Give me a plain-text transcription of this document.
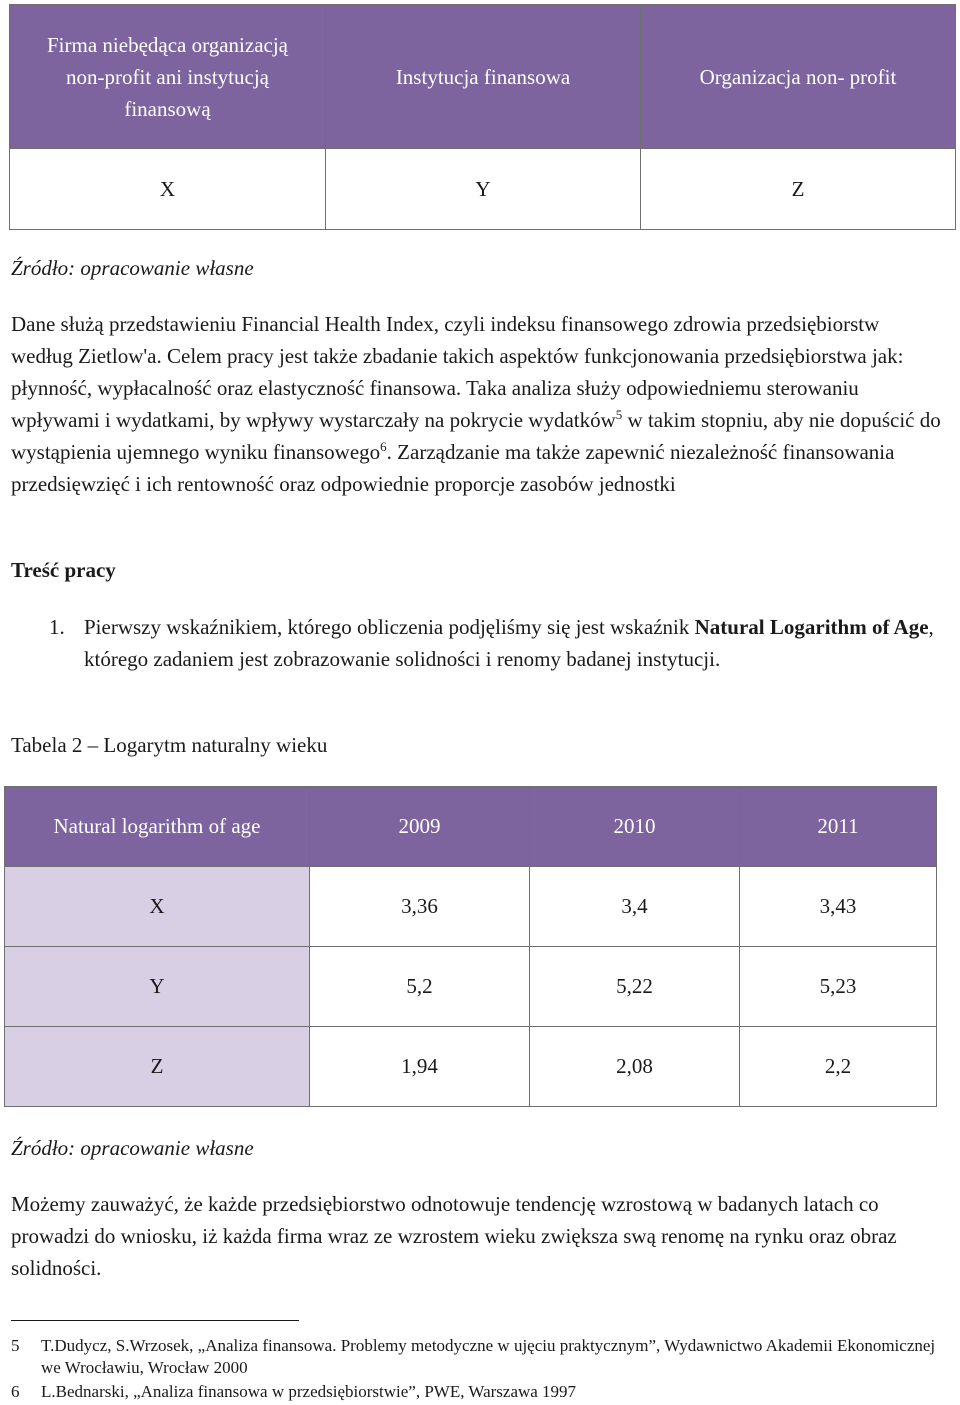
Firma niebędąca organizacją non-profit ani instytucją finansową	Instytucja finansowa	Organizacja non- profit
X	Y	Z
Źródło: opracowanie własne

Dane służą przedstawieniu Financial Health Index, czyli indeksu finansowego zdrowia przedsiębiorstw według Zietlow'a. Celem pracy jest także zbadanie takich aspektów funkcjonowania przedsiębiorstwa jak: płynność, wypłacalność oraz elastyczność finansowa. Taka analiza służy odpowiedniemu sterowaniu wpływami i wydatkami, by wpływy wystarczały na pokrycie wydatków$^5$ w takim stopniu, aby nie dopuścić do wystąpienia ujemnego wyniku finansowego$^6$. Zarządzanie ma także zapewnić niezależność finansowania przedsięwzięć i ich rentowność oraz odpowiednie proporcje zasobów jednostki

Treść pracy
1. Pierwszy wskaźnikiem, którego obliczenia podjęliśmy się jest wskaźnik Natural Logarithm of Age, którego zadaniem jest zobrazowanie solidności i renomy badanej instytucji.

Tabela 2 – Logarytm naturalny wieku
Natural logarithm of age	2009	2010	2011
X	3,36	3,4	3,43
Y	5,2	5,22	5,23
Z	1,94	2,08	2,2
Źródło: opracowanie własne

Możemy zauważyć, że każde przedsiębiorstwo odnotowuje tendencję wzrostową w badanych latach co prowadzi do wniosku, iż każda firma wraz ze wzrostem wieku zwiększa swą renomę na rynku oraz obraz solidności.

5 T.Dudycz, S.Wrzosek, „Analiza finansowa. Problemy metodyczne w ujęciu praktycznym”, Wydawnictwo Akademii Ekonomicznej we Wrocławiu, Wrocław 2000

6 L.Bednarski, „Analiza finansowa w przedsiębiorstwie”, PWE, Warszawa 1997
